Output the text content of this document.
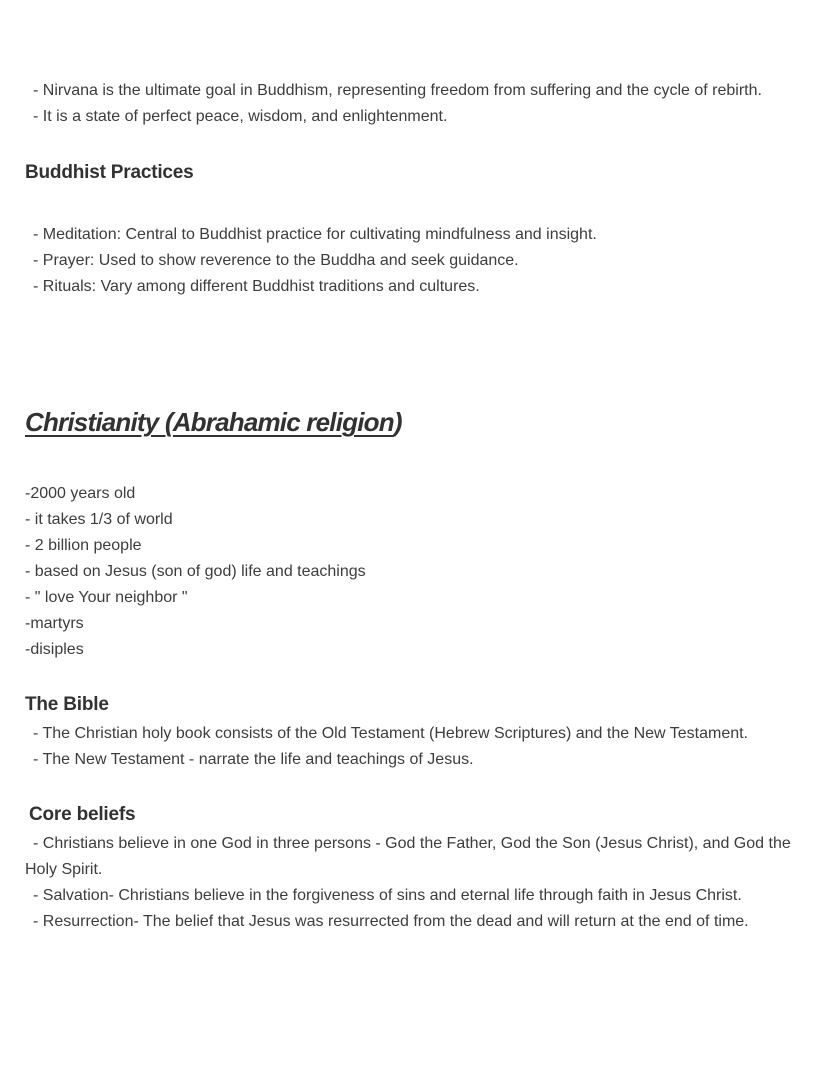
- Nirvana is the ultimate goal in Buddhism, representing freedom from suffering and the cycle of rebirth.
- It is a state of perfect peace, wisdom, and enlightenment.
Buddhist Practices
- Meditation: Central to Buddhist practice for cultivating mindfulness and insight.
- Prayer: Used to show reverence to the Buddha and seek guidance.
- Rituals: Vary among different Buddhist traditions and cultures.
Christianity (Abrahamic religion)
-2000 years old
- it takes 1/3 of world
- 2 billion people
- based on Jesus (son of god) life and teachings
- " love Your neighbor "
-martyrs
-disiples
The Bible
- The Christian holy book consists of the Old Testament (Hebrew Scriptures) and the New Testament.
- The New Testament - narrate the life and teachings of Jesus.
Core beliefs
- Christians believe in one God in three persons - God the Father, God the Son (Jesus Christ), and God the
Holy Spirit.
- Salvation- Christians believe in the forgiveness of sins and eternal life through faith in Jesus Christ.
- Resurrection- The belief that Jesus was resurrected from the dead and will return at the end of time.
